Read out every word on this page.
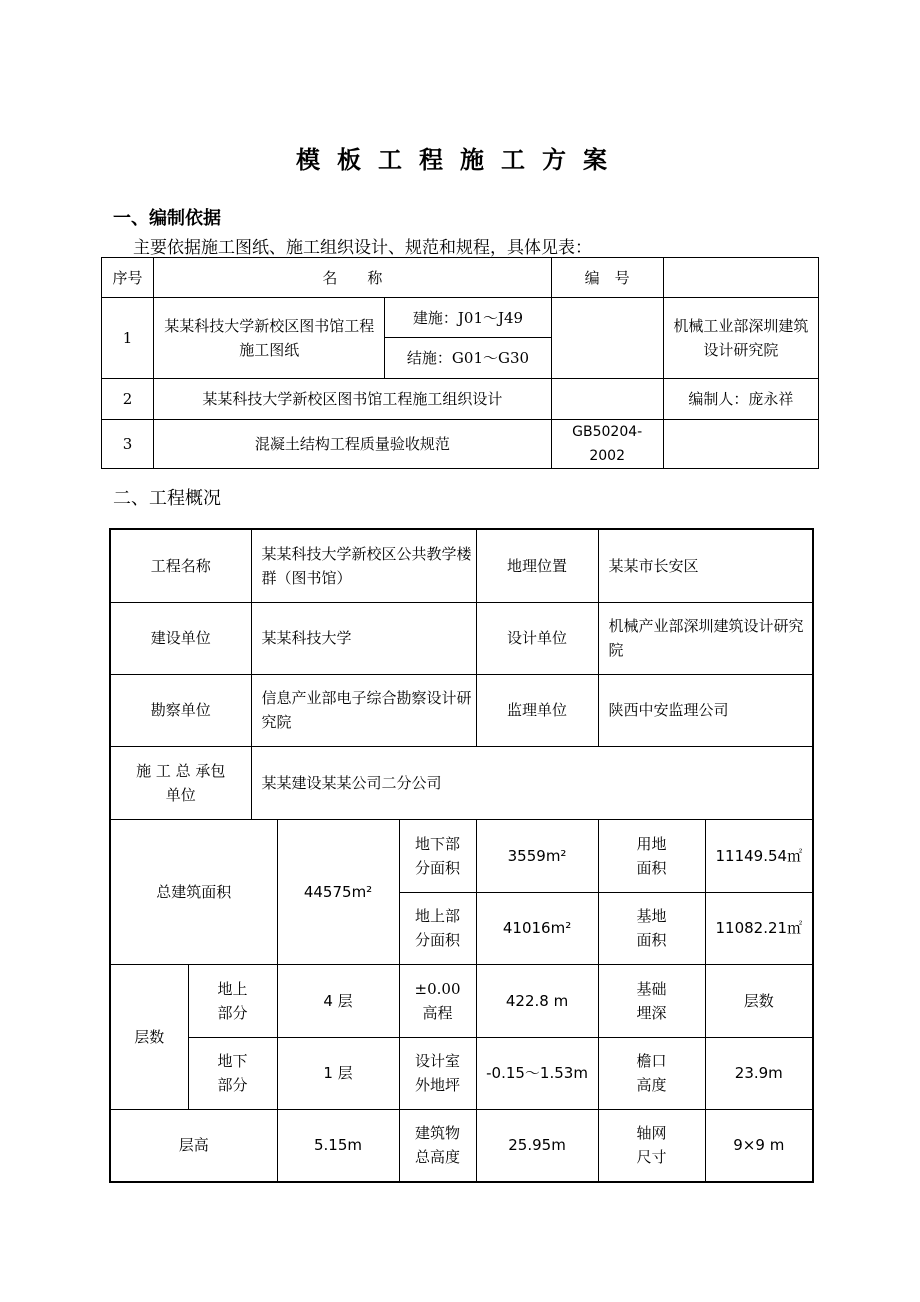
模板工程施工方案
一、编制依据
主要依据施工图纸、施工组织设计、规范和规程，具体见表：
序号	名　　称		编　号	
1	某某科技大学新校区图书馆工程施工图纸	建施：J01～J49		机械工业部深圳建筑设计研究院
		结施：G01～G30		
2	某某科技大学新校区图书馆工程施工组织设计			编制人：庞永祥
3	混凝土结构工程质量验收规范		GB50204-2002	
二、工程概况
工程名称		某某科技大学新校区公共教学楼群（图书馆）			地理位置	某某市长安区	
建设单位		某某科技大学			设计单位	机械产业部深圳建筑设计研究院	
勘察单位		信息产业部电子综合勘察设计研究院			监理单位	陕西中安监理公司	
施 工 总 承包单位		某某建设某某公司二分公司					
总建筑面积			44575m²	地下部分面积	3559m²	用地面积	11149.54㎡
				地上部分面积	41016m²	基地面积	11082.21㎡
层数	地上部分		4 层	±0.00高程	422.8 m	基础埋深	层数
	地下部分		1 层	设计室外地坪	-0.15～1.53m	檐口高度	23.9m
层高			5.15m	建筑物总高度	25.95m	轴网尺寸	9×9 m
